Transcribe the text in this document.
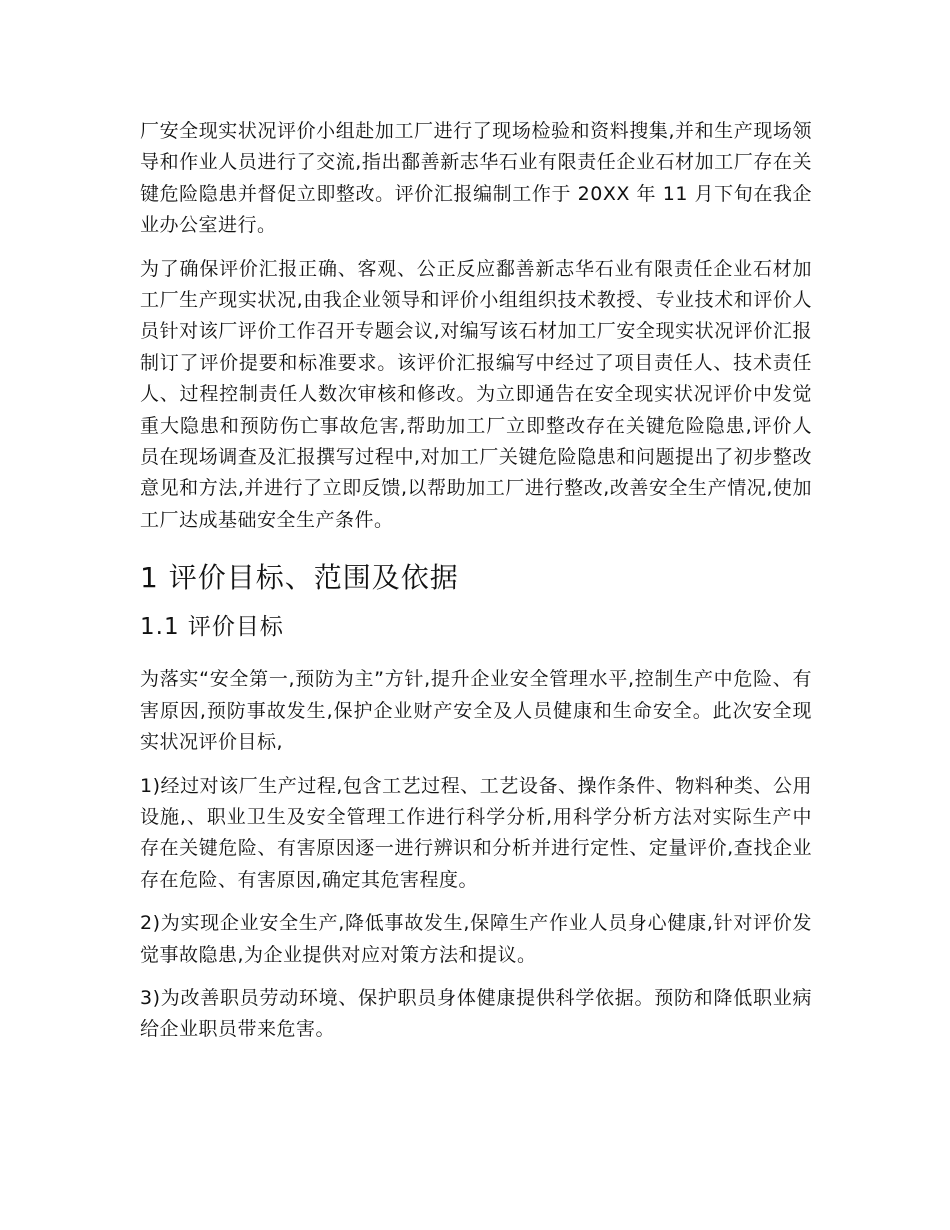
厂安全现实状况评价小组赴加工厂进行了现场检验和资料搜集,并和生产现场领导和作业人员进行了交流,指出鄱善新志华石业有限责任企业石材加工厂存在关键危险隐患并督促立即整改。评价汇报编制工作于 20XX 年 11 月下旬在我企业办公室进行。

为了确保评价汇报正确、客观、公正反应鄱善新志华石业有限责任企业石材加工厂生产现实状况,由我企业领导和评价小组组织技术教授、专业技术和评价人员针对该厂评价工作召开专题会议,对编写该石材加工厂安全现实状况评价汇报制订了评价提要和标准要求。该评价汇报编写中经过了项目责任人、技术责任人、过程控制责任人数次审核和修改。为立即通告在安全现实状况评价中发觉重大隐患和预防伤亡事故危害,帮助加工厂立即整改存在关键危险隐患,评价人员在现场调查及汇报撰写过程中,对加工厂关键危险隐患和问题提出了初步整改意见和方法,并进行了立即反馈,以帮助加工厂进行整改,改善安全生产情况,使加工厂达成基础安全生产条件。

1 评价目标、范围及依据
1.1 评价目标

为落实“安全第一,预防为主”方针,提升企业安全管理水平,控制生产中危险、有害原因,预防事故发生,保护企业财产安全及人员健康和生命安全。此次安全现实状况评价目标,

1)经过对该厂生产过程,包含工艺过程、工艺设备、操作条件、物料种类、公用设施,、职业卫生及安全管理工作进行科学分析,用科学分析方法对实际生产中存在关键危险、有害原因逐一进行辨识和分析并进行定性、定量评价,查找企业存在危险、有害原因,确定其危害程度。

2)为实现企业安全生产,降低事故发生,保障生产作业人员身心健康,针对评价发觉事故隐患,为企业提供对应对策方法和提议。

3)为改善职员劳动环境、保护职员身体健康提供科学依据。预防和降低职业病给企业职员带来危害。
